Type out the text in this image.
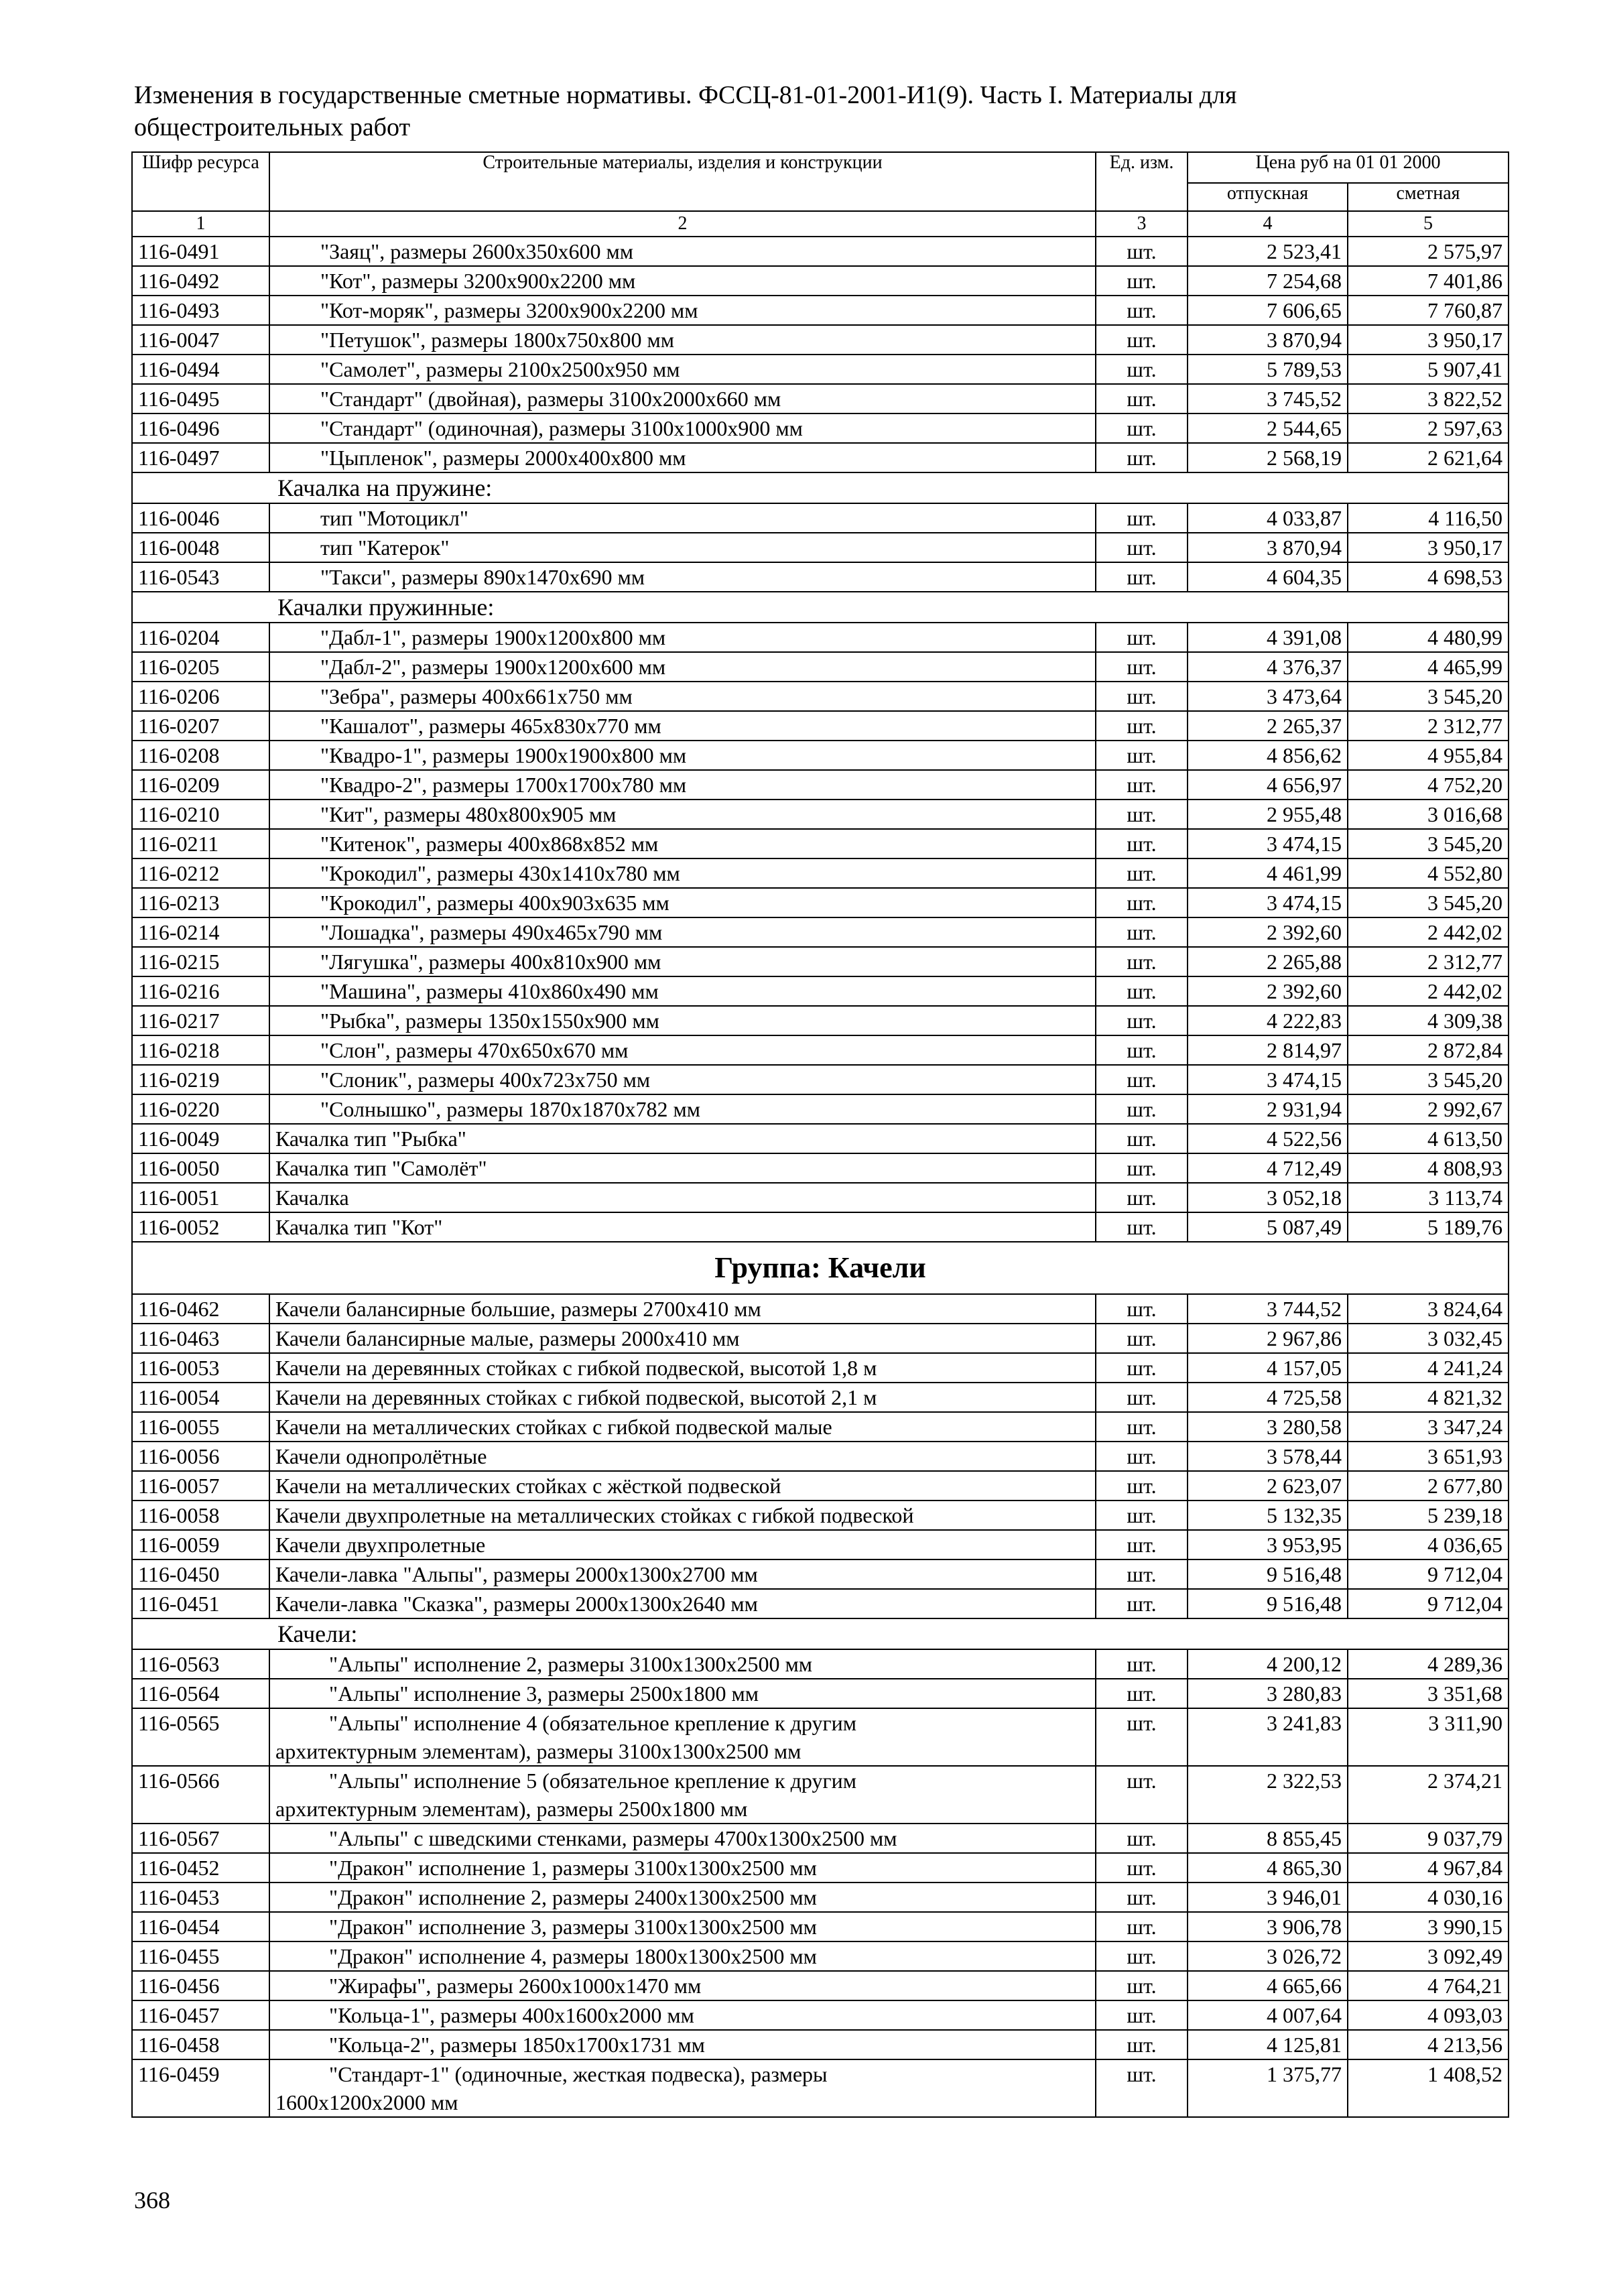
Изменения в государственные сметные нормативы. ФССЦ-81-01-2001-И1(9). Часть I. Материалы для
общестроительных работ
Шифр ресурса	Строительные материалы, изделия и конструкции	Ед. изм.	Цена руб на 01 01 2000	
			отпускная	сметная
1	2	3	4	5
116-0491	"Заяц", размеры 2600х350х600 мм	шт.	2 523,41	2 575,97
116-0492	"Кот", размеры 3200х900х2200 мм	шт.	7 254,68	7 401,86
116-0493	"Кот-моряк", размеры 3200х900х2200 мм	шт.	7 606,65	7 760,87
116-0047	"Петушок", размеры 1800х750х800 мм	шт.	3 870,94	3 950,17
116-0494	"Самолет", размеры 2100х2500х950 мм	шт.	5 789,53	5 907,41
116-0495	"Стандарт" (двойная), размеры 3100х2000х660 мм	шт.	3 745,52	3 822,52
116-0496	"Стандарт" (одиночная), размеры 3100х1000х900 мм	шт.	2 544,65	2 597,63
116-0497	"Цыпленок", размеры 2000х400х800 мм	шт.	2 568,19	2 621,64
Качалка на пружине:				
116-0046	тип "Мотоцикл"	шт.	4 033,87	4 116,50
116-0048	тип "Катерок"	шт.	3 870,94	3 950,17
116-0543	"Такси", размеры 890х1470х690 мм	шт.	4 604,35	4 698,53
Качалки пружинные:				
116-0204	"Дабл-1", размеры 1900х1200х800 мм	шт.	4 391,08	4 480,99
116-0205	"Дабл-2", размеры 1900х1200х600 мм	шт.	4 376,37	4 465,99
116-0206	"Зебра", размеры 400х661х750 мм	шт.	3 473,64	3 545,20
116-0207	"Кашалот", размеры 465х830х770 мм	шт.	2 265,37	2 312,77
116-0208	"Квадро-1", размеры 1900х1900х800 мм	шт.	4 856,62	4 955,84
116-0209	"Квадро-2", размеры 1700х1700х780 мм	шт.	4 656,97	4 752,20
116-0210	"Кит", размеры 480х800х905 мм	шт.	2 955,48	3 016,68
116-0211	"Китенок", размеры 400х868х852 мм	шт.	3 474,15	3 545,20
116-0212	"Крокодил", размеры 430х1410х780 мм	шт.	4 461,99	4 552,80
116-0213	"Крокодил", размеры 400х903х635 мм	шт.	3 474,15	3 545,20
116-0214	"Лошадка", размеры 490х465х790 мм	шт.	2 392,60	2 442,02
116-0215	"Лягушка", размеры 400х810х900 мм	шт.	2 265,88	2 312,77
116-0216	"Машина", размеры 410х860х490 мм	шт.	2 392,60	2 442,02
116-0217	"Рыбка", размеры 1350х1550х900 мм	шт.	4 222,83	4 309,38
116-0218	"Слон", размеры 470х650х670 мм	шт.	2 814,97	2 872,84
116-0219	"Слоник", размеры 400х723х750 мм	шт.	3 474,15	3 545,20
116-0220	"Солнышко", размеры 1870х1870х782 мм	шт.	2 931,94	2 992,67
116-0049	Качалка тип "Рыбка"	шт.	4 522,56	4 613,50
116-0050	Качалка тип "Самолёт"	шт.	4 712,49	4 808,93
116-0051	Качалка	шт.	3 052,18	3 113,74
116-0052	Качалка тип "Кот"	шт.	5 087,49	5 189,76
Группа: Качели				
116-0462	Качели балансирные большие, размеры 2700х410 мм	шт.	3 744,52	3 824,64
116-0463	Качели балансирные малые, размеры 2000х410 мм	шт.	2 967,86	3 032,45
116-0053	Качели на деревянных стойках с гибкой подвеской, высотой 1,8 м	шт.	4 157,05	4 241,24
116-0054	Качели на деревянных стойках с гибкой подвеской, высотой 2,1 м	шт.	4 725,58	4 821,32
116-0055	Качели на металлических стойках с гибкой подвеской малые	шт.	3 280,58	3 347,24
116-0056	Качели однопролётные	шт.	3 578,44	3 651,93
116-0057	Качели на металлических стойках с жёсткой подвеской	шт.	2 623,07	2 677,80
116-0058	Качели двухпролетные на металлических стойках с гибкой подвеской	шт.	5 132,35	5 239,18
116-0059	Качели двухпролетные	шт.	3 953,95	4 036,65
116-0450	Качели-лавка "Альпы", размеры 2000х1300х2700 мм	шт.	9 516,48	9 712,04
116-0451	Качели-лавка "Сказка", размеры 2000х1300х2640 мм	шт.	9 516,48	9 712,04
Качели:				
116-0563	"Альпы" исполнение 2, размеры 3100х1300х2500 мм	шт.	4 200,12	4 289,36
116-0564	"Альпы" исполнение 3, размеры 2500х1800 мм	шт.	3 280,83	3 351,68
116-0565	"Альпы" исполнение 4 (обязательное крепление к другим
архитектурным элементам), размеры 3100х1300х2500 мм	шт.	3 241,83	3 311,90
116-0566	"Альпы" исполнение 5 (обязательное крепление к другим
архитектурным элементам), размеры 2500х1800 мм	шт.	2 322,53	2 374,21
116-0567	"Альпы" с шведскими стенками, размеры 4700х1300х2500 мм	шт.	8 855,45	9 037,79
116-0452	"Дракон" исполнение 1, размеры 3100х1300х2500 мм	шт.	4 865,30	4 967,84
116-0453	"Дракон" исполнение 2, размеры 2400х1300х2500 мм	шт.	3 946,01	4 030,16
116-0454	"Дракон" исполнение 3, размеры 3100х1300х2500 мм	шт.	3 906,78	3 990,15
116-0455	"Дракон" исполнение 4, размеры 1800х1300х2500 мм	шт.	3 026,72	3 092,49
116-0456	"Жирафы", размеры 2600х1000х1470 мм	шт.	4 665,66	4 764,21
116-0457	"Кольца-1", размеры 400х1600х2000 мм	шт.	4 007,64	4 093,03
116-0458	"Кольца-2", размеры 1850х1700х1731 мм	шт.	4 125,81	4 213,56
116-0459	"Стандарт-1" (одиночные, жесткая подвеска), размеры
1600х1200х2000 мм	шт.	1 375,77	1 408,52
368
